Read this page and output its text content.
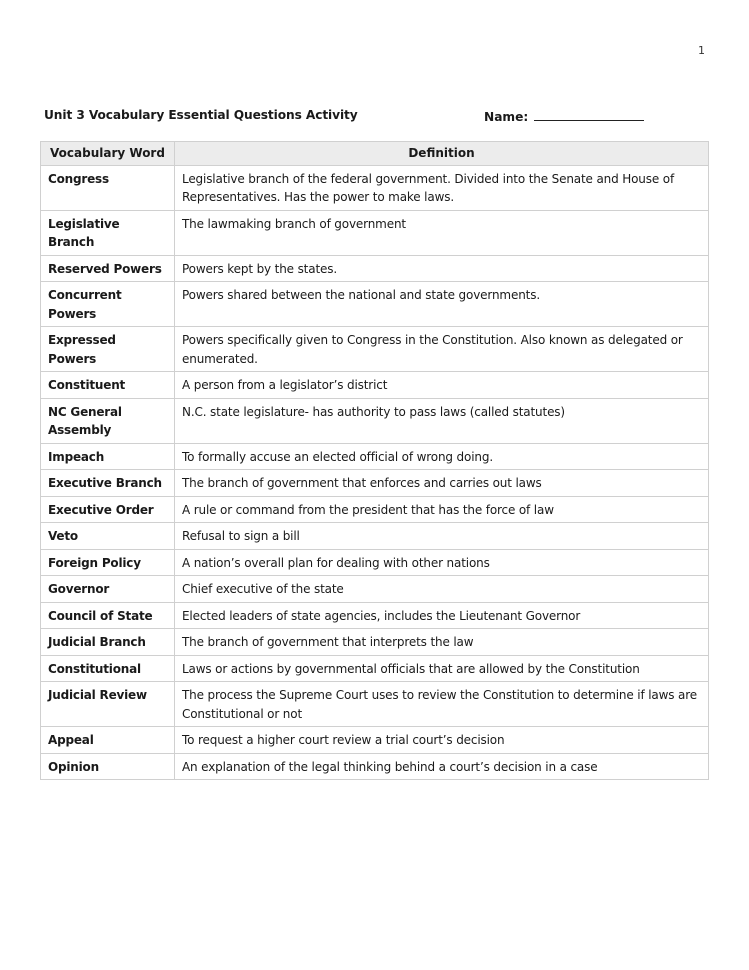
1
Unit 3 Vocabulary Essential Questions Activity	Name:
Vocabulary Word	Definition
Congress	Legislative branch of the federal government. Divided into the Senate and House of Representatives. Has the power to make laws.
Legislative Branch	The lawmaking branch of government
Reserved Powers	Powers kept by the states.
Concurrent Powers	Powers shared between the national and state governments.
Expressed Powers	Powers specifically given to Congress in the Constitution. Also known as delegated or enumerated.
Constituent	A person from a legislator’s district
NC General Assembly	N.C. state legislature- has authority to pass laws (called statutes)
Impeach	To formally accuse an elected official of wrong doing.
Executive Branch	The branch of government that enforces and carries out laws
Executive Order	A rule or command from the president that has the force of law
Veto	Refusal to sign a bill
Foreign Policy	A nation’s overall plan for dealing with other nations
Governor	Chief executive of the state
Council of State	Elected leaders of state agencies, includes the Lieutenant Governor
Judicial Branch	The branch of government that interprets the law
Constitutional	Laws or actions by governmental officials that are allowed by the Constitution
Judicial Review	The process the Supreme Court uses to review the Constitution to determine if laws are Constitutional or not
Appeal	To request a higher court review a trial court’s decision
Opinion	An explanation of the legal thinking behind a court’s decision in a case
